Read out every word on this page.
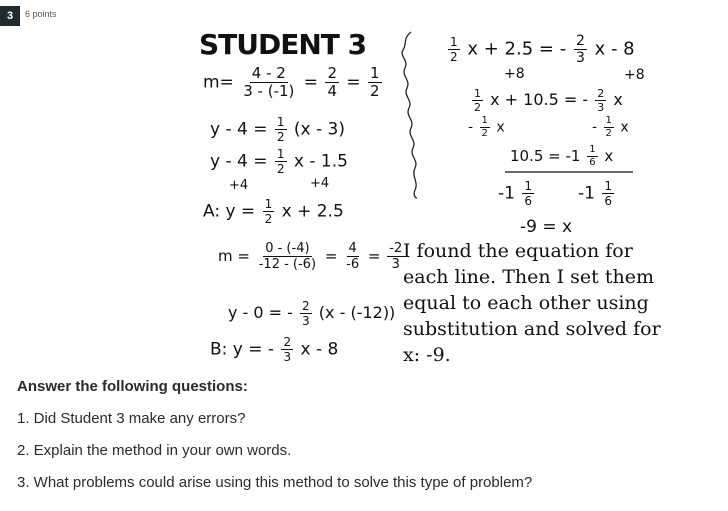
3	6 points
STUDENT 3
$m= \frac{4 - 2}{3 - (-1)} = \frac{2}{4} = \frac{1}{2}$
$y - 4 = \frac{1}{2} (x - 3)$
$y - 4 = \frac{1}{2}$ x - 1.5
+4	+4
A: $y = \frac{1}{2}$ x + 2.5
$m = \frac{0 - (-4)}{-12 - (-6)} = \frac{4}{-6} = \frac{-2}{3}$
y - 0 = - $\frac{2}{3} (x - (-12))$
B: y = - $\frac{2}{3}$ x - 8
$\frac{1}{2}$ x + 2.5 = - $\frac{2}{3}$ x - 8
+8	+8
$\frac{1}{2}$ x + 10.5 = - $\frac{2}{3}$ x
- $\frac{1}{2}$ x	- $\frac{1}{2}$ x
$10.5 = -1 \frac{1}{6}$ x
$-1 \frac{1}{6}$	$-1 \frac{1}{6}$
-9 = x
I found the equation for each line. Then I set them equal to each other using substitution and solved for x: -9.

Answer the following questions:

1. Did Student 3 make any errors?

2. Explain the method in your own words.

3. What problems could arise using this method to solve this type of problem?
